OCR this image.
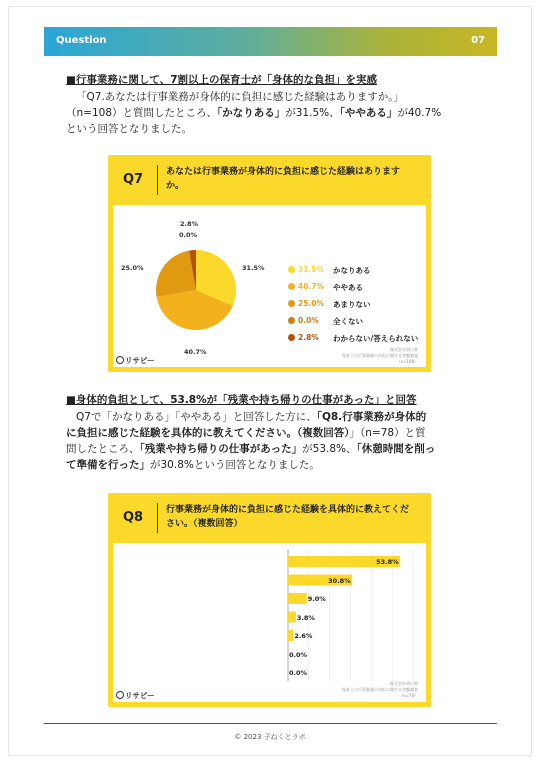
Question	07
■行事業務に関して、7割以上の保育士が「身体的な負担」を実感
「Q7.あなたは行事業務が身体的に負担に感じた経験はありますか。」
（n=108）と質問したところ、「かなりある」が31.5%、「ややある」が40.7%
という回答となりました。
Q7	あなたは行事業務が身体的に負担に感じた経験はありますか。
31.5%
40.7%
25.0%
0.0%
2.8%
31.5% かなりある
40.7% ややある
25.0% あまりない
0.0% 全くない
2.8% わからない/答えられない
リサピー
株式会社明日香
保育士の行事業務の負担に関する実態調査
（n=108）
■身体的負担として、53.8%が「残業や持ち帰りの仕事があった」と回答
Q7で「かなりある」「ややある」と回答した方に、「Q8.行事業務が身体的
に負担に感じた経験を具体的に教えてください。（複数回答）」（n=78）と質
問したところ、「残業や持ち帰りの仕事があった」が53.8%、「休憩時間を削っ
て準備を行った」が30.8%という回答となりました。
Q8	行事業務が身体的に負担に感じた経験を具体的に教えてください。（複数回答）
53.8%
30.8%
9.0%
3.8%
2.6%
0.0%
0.0%
リサピー
株式会社明日香
保育士の行事業務の負担に関する実態調査
（n=78）
© 2023 子ねくとラボ
